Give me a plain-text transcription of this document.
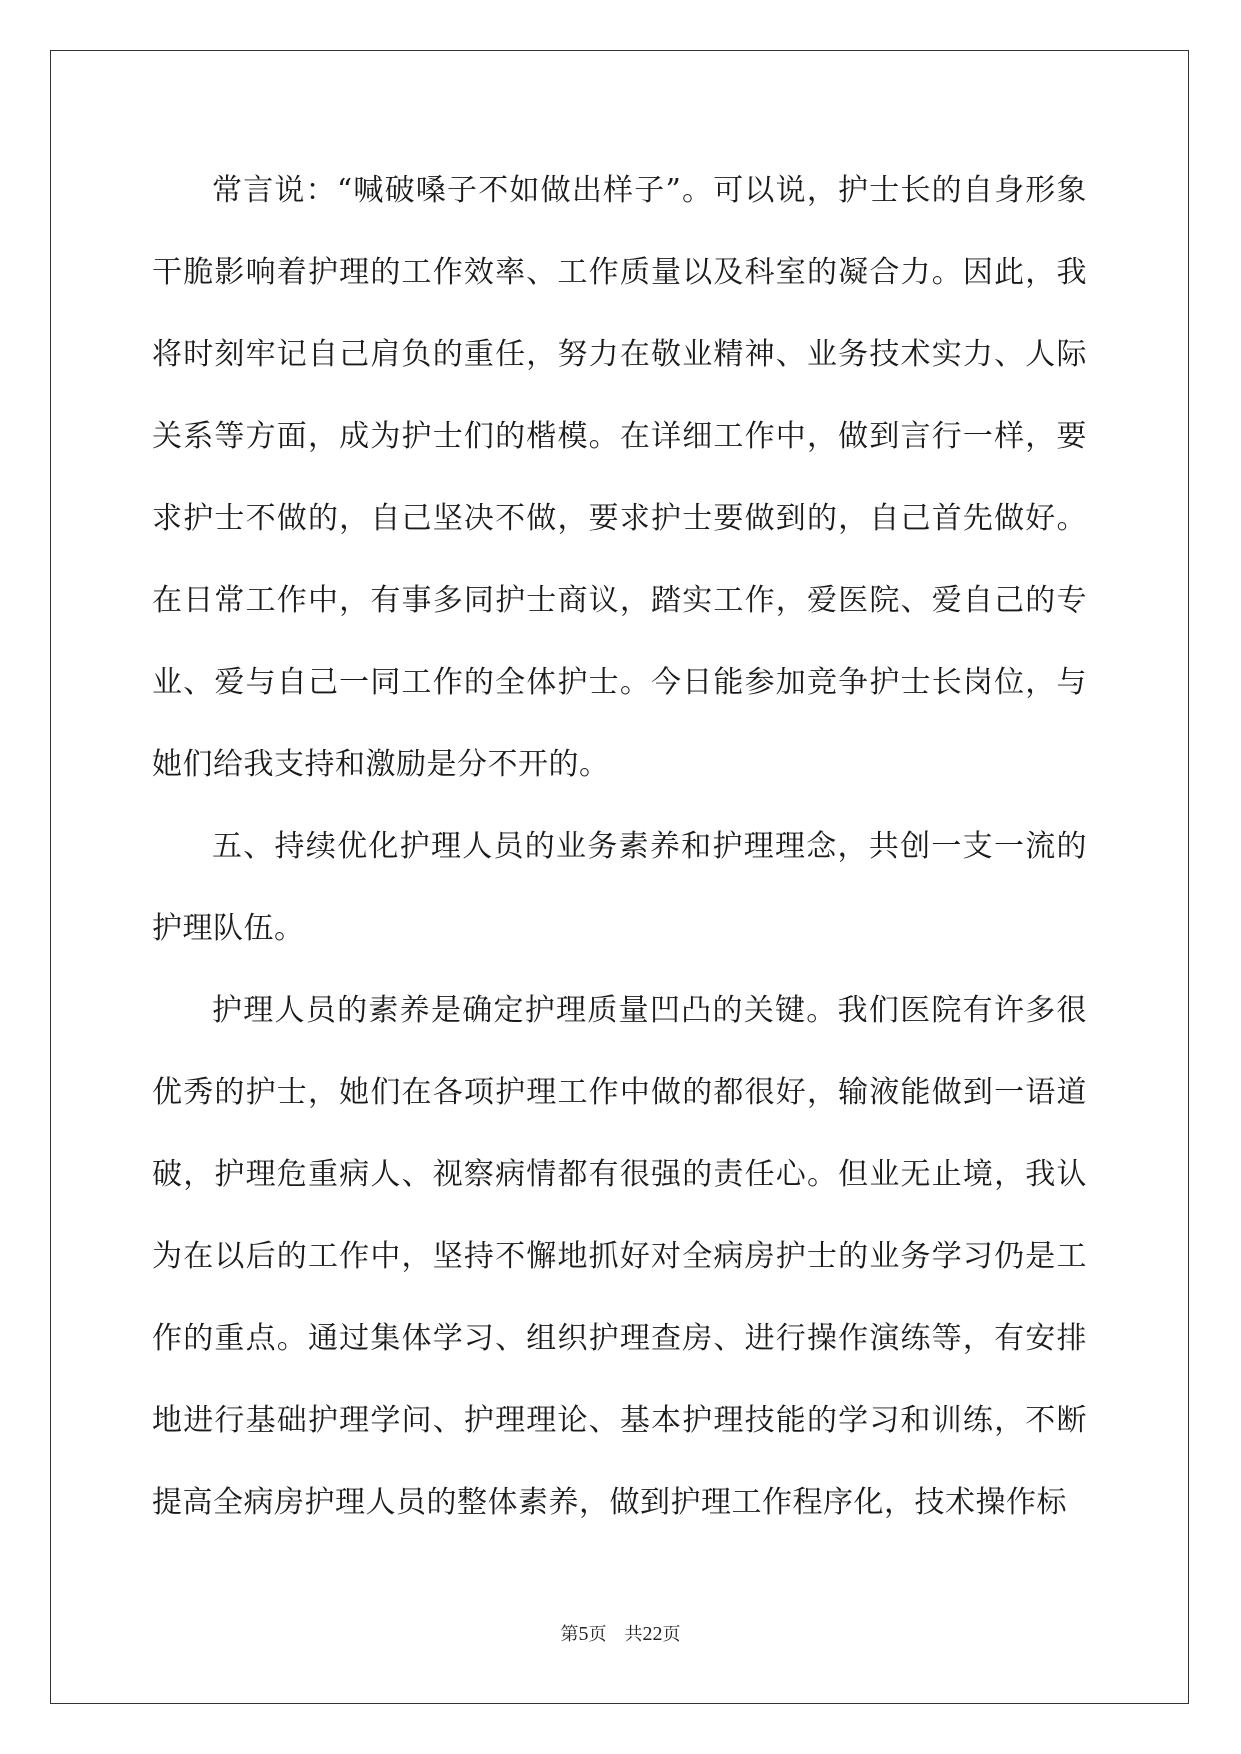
常言说：“喊破嗓子不如做出样子”。可以说，护士长的自身形象干脆影响着护理的工作效率、工作质量以及科室的凝合力。因此，我将时刻牢记自己肩负的重任，努力在敬业精神、业务技术实力、人际关系等方面，成为护士们的楷模。在详细工作中，做到言行一样，要求护士不做的，自己坚决不做，要求护士要做到的，自己首先做好。在日常工作中，有事多同护士商议，踏实工作，爱医院、爱自己的专业、爱与自己一同工作的全体护士。今日能参加竞争护士长岗位，与她们给我支持和激励是分不开的。

五、持续优化护理人员的业务素养和护理理念，共创一支一流的护理队伍。

护理人员的素养是确定护理质量凹凸的关键。我们医院有许多很优秀的护士，她们在各项护理工作中做的都很好，输液能做到一语道破，护理危重病人、视察病情都有很强的责任心。但业无止境，我认为在以后的工作中，坚持不懈地抓好对全病房护士的业务学习仍是工作的重点。通过集体学习、组织护理查房、进行操作演练等，有安排地进行基础护理学问、护理理论、基本护理技能的学习和训练，不断提高全病房护理人员的整体素养，做到护理工作程序化，技术操作标

第5页 共22页
